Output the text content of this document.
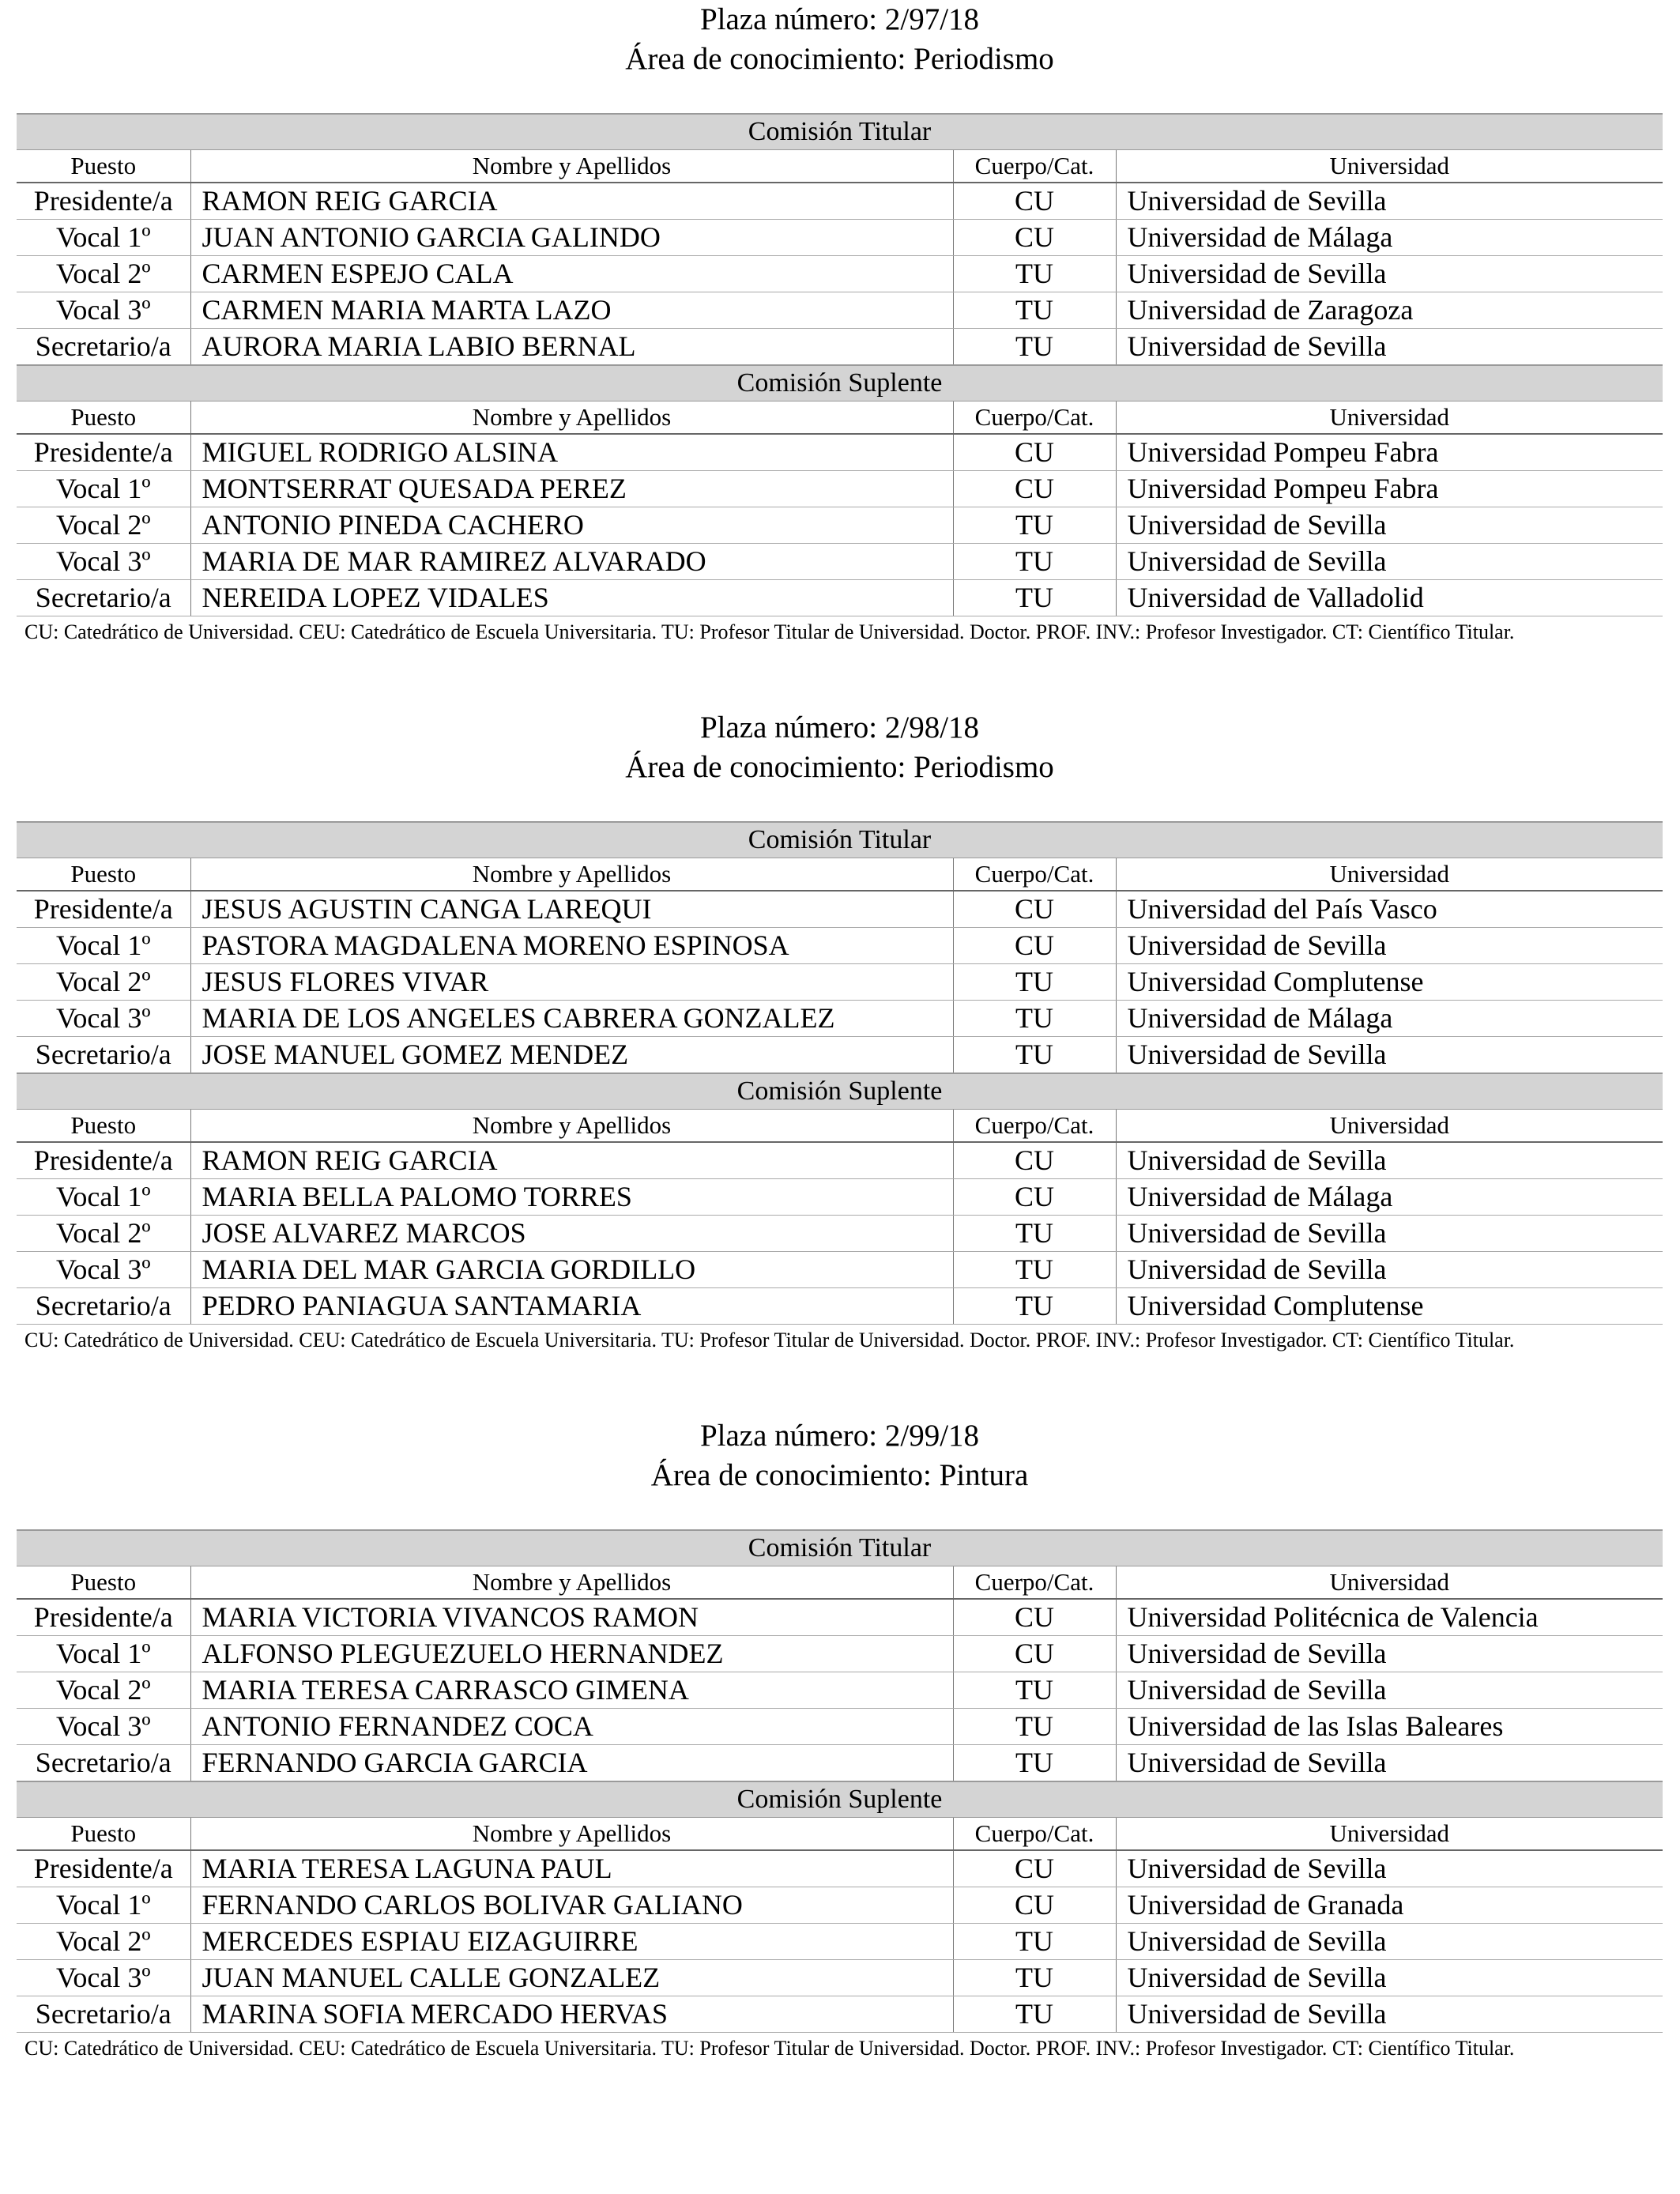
Plaza número: 2/97/18
Área de conocimiento: Periodismo
Comisión Titular			
Puesto	Nombre y Apellidos	Cuerpo/Cat.	Universidad
Presidente/a	RAMON REIG GARCIA	CU	Universidad de Sevilla
Vocal 1º	JUAN ANTONIO GARCIA GALINDO	CU	Universidad de Málaga
Vocal 2º	CARMEN ESPEJO CALA	TU	Universidad de Sevilla
Vocal 3º	CARMEN MARIA MARTA LAZO	TU	Universidad de Zaragoza
Secretario/a	AURORA MARIA LABIO BERNAL	TU	Universidad de Sevilla
Comisión Suplente			
Puesto	Nombre y Apellidos	Cuerpo/Cat.	Universidad
Presidente/a	MIGUEL RODRIGO ALSINA	CU	Universidad Pompeu Fabra
Vocal 1º	MONTSERRAT QUESADA PEREZ	CU	Universidad Pompeu Fabra
Vocal 2º	ANTONIO PINEDA CACHERO	TU	Universidad de Sevilla
Vocal 3º	MARIA DE MAR RAMIREZ ALVARADO	TU	Universidad de Sevilla
Secretario/a	NEREIDA LOPEZ VIDALES	TU	Universidad de Valladolid
CU: Catedrático de Universidad. CEU: Catedrático de Escuela Universitaria. TU: Profesor Titular de Universidad. Doctor. PROF. INV.: Profesor Investigador. CT: Científico Titular.
Plaza número: 2/98/18
Área de conocimiento: Periodismo
Comisión Titular			
Puesto	Nombre y Apellidos	Cuerpo/Cat.	Universidad
Presidente/a	JESUS AGUSTIN CANGA LAREQUI	CU	Universidad del País Vasco
Vocal 1º	PASTORA MAGDALENA MORENO ESPINOSA	CU	Universidad de Sevilla
Vocal 2º	JESUS FLORES VIVAR	TU	Universidad Complutense
Vocal 3º	MARIA DE LOS ANGELES CABRERA GONZALEZ	TU	Universidad de Málaga
Secretario/a	JOSE MANUEL GOMEZ MENDEZ	TU	Universidad de Sevilla
Comisión Suplente			
Puesto	Nombre y Apellidos	Cuerpo/Cat.	Universidad
Presidente/a	RAMON REIG GARCIA	CU	Universidad de Sevilla
Vocal 1º	MARIA BELLA PALOMO TORRES	CU	Universidad de Málaga
Vocal 2º	JOSE ALVAREZ MARCOS	TU	Universidad de Sevilla
Vocal 3º	MARIA DEL MAR GARCIA GORDILLO	TU	Universidad de Sevilla
Secretario/a	PEDRO PANIAGUA SANTAMARIA	TU	Universidad Complutense
CU: Catedrático de Universidad. CEU: Catedrático de Escuela Universitaria. TU: Profesor Titular de Universidad. Doctor. PROF. INV.: Profesor Investigador. CT: Científico Titular.
Plaza número: 2/99/18
Área de conocimiento: Pintura
Comisión Titular			
Puesto	Nombre y Apellidos	Cuerpo/Cat.	Universidad
Presidente/a	MARIA VICTORIA VIVANCOS RAMON	CU	Universidad Politécnica de Valencia
Vocal 1º	ALFONSO PLEGUEZUELO HERNANDEZ	CU	Universidad de Sevilla
Vocal 2º	MARIA TERESA CARRASCO GIMENA	TU	Universidad de Sevilla
Vocal 3º	ANTONIO FERNANDEZ COCA	TU	Universidad de las Islas Baleares
Secretario/a	FERNANDO GARCIA GARCIA	TU	Universidad de Sevilla
Comisión Suplente			
Puesto	Nombre y Apellidos	Cuerpo/Cat.	Universidad
Presidente/a	MARIA TERESA LAGUNA PAUL	CU	Universidad de Sevilla
Vocal 1º	FERNANDO CARLOS BOLIVAR GALIANO	CU	Universidad de Granada
Vocal 2º	MERCEDES ESPIAU EIZAGUIRRE	TU	Universidad de Sevilla
Vocal 3º	JUAN MANUEL CALLE GONZALEZ	TU	Universidad de Sevilla
Secretario/a	MARINA SOFIA MERCADO HERVAS	TU	Universidad de Sevilla
CU: Catedrático de Universidad. CEU: Catedrático de Escuela Universitaria. TU: Profesor Titular de Universidad. Doctor. PROF. INV.: Profesor Investigador. CT: Científico Titular.
